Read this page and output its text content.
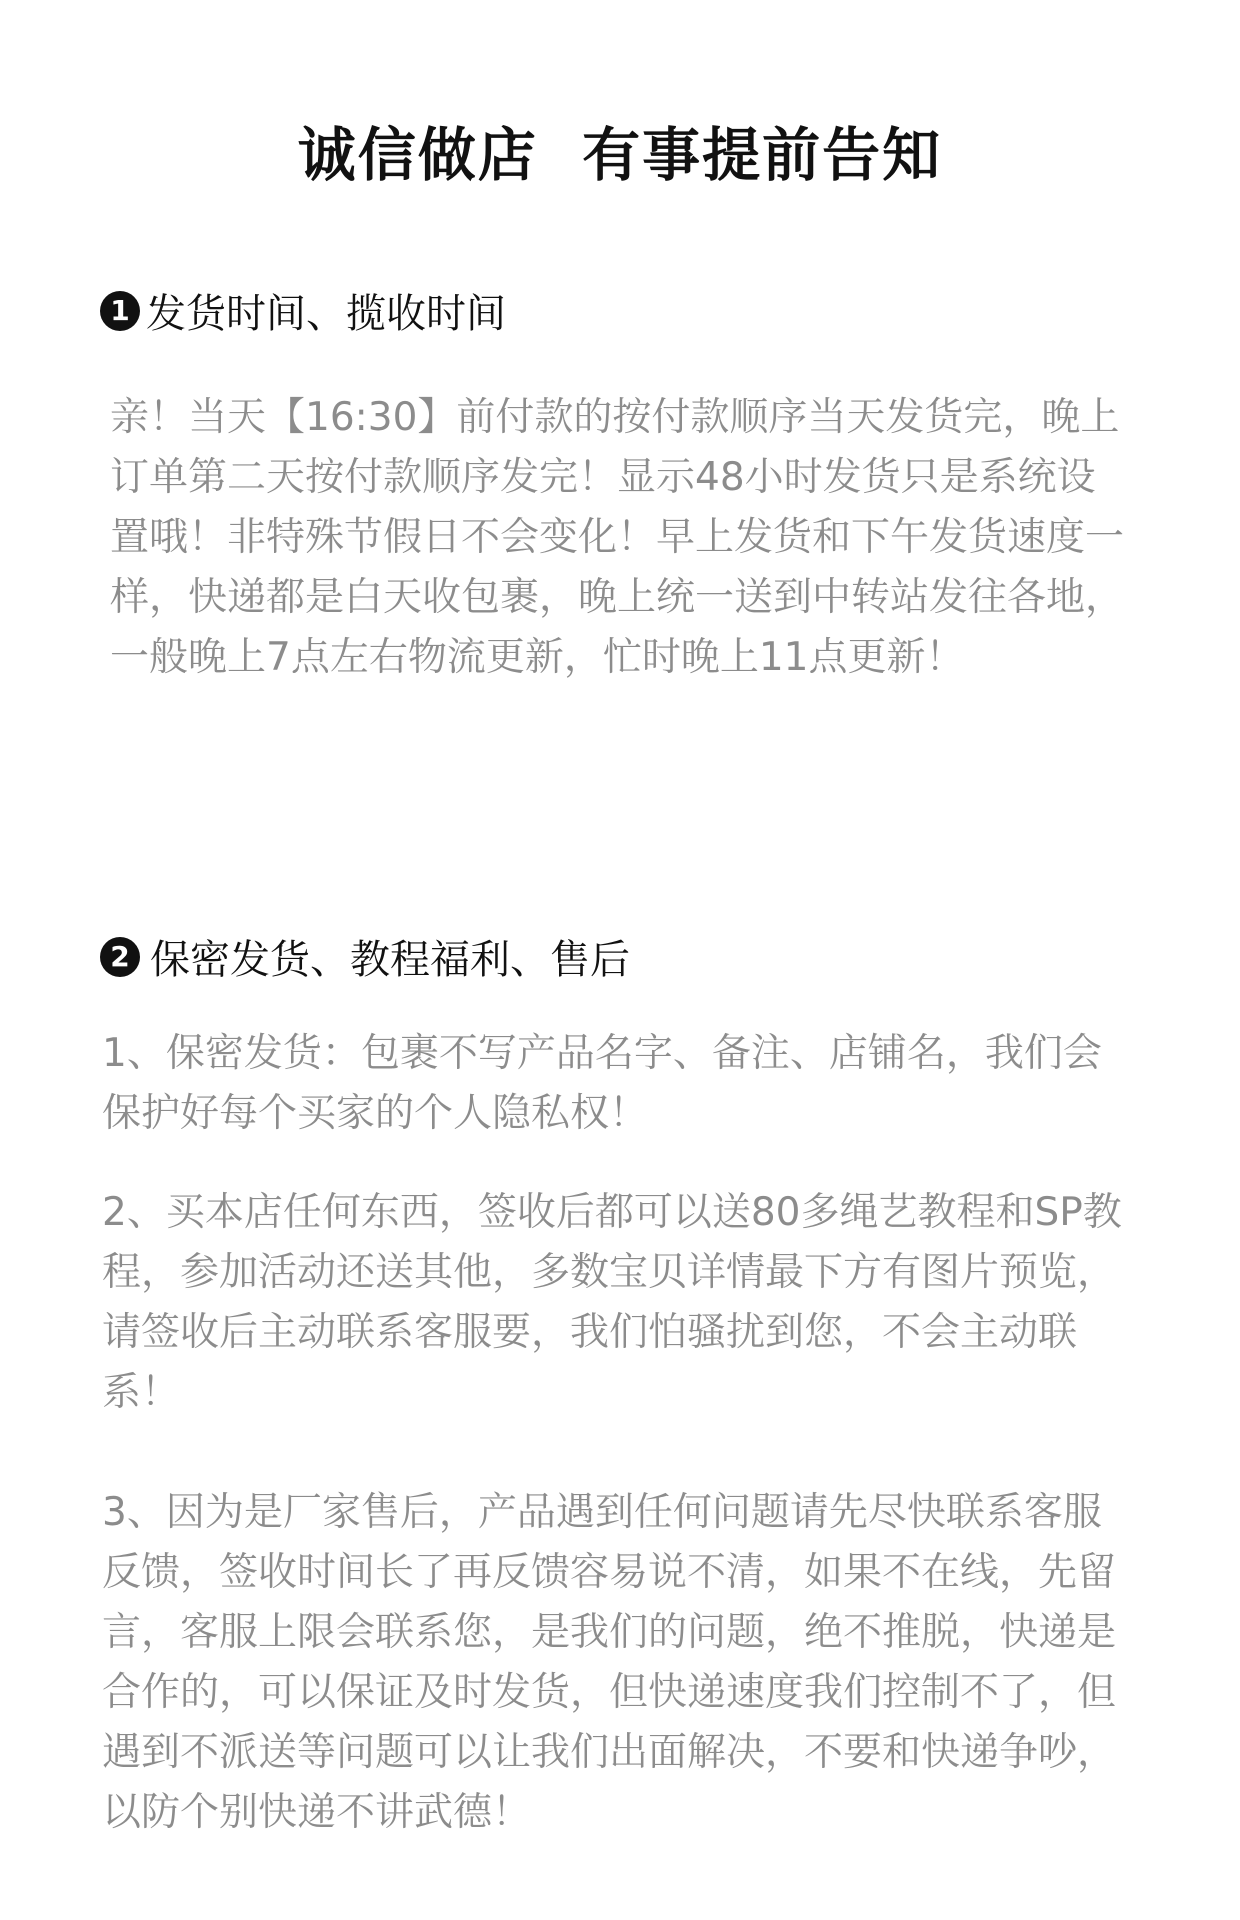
诚信做店  有事提前告知
1 发货时间、揽收时间

亲！当天【16:30】前付款的按付款顺序当天发货完，晚上订单第二天按付款顺序发完！显示48小时发货只是系统设置哦！非特殊节假日不会变化！早上发货和下午发货速度一样，快递都是白天收包裹，晚上统一送到中转站发往各地，一般晚上7点左右物流更新，忙时晚上11点更新！

2 保密发货、教程福利、售后

1、保密发货：包裹不写产品名字、备注、店铺名，我们会保护好每个买家的个人隐私权！

2、买本店任何东西，签收后都可以送80多绳艺教程和SP教程，参加活动还送其他，多数宝贝详情最下方有图片预览，请签收后主动联系客服要，我们怕骚扰到您，不会主动联系！

3、因为是厂家售后，产品遇到任何问题请先尽快联系客服反馈，签收时间长了再反馈容易说不清，如果不在线，先留言，客服上限会联系您，是我们的问题，绝不推脱，快递是合作的，可以保证及时发货，但快递速度我们控制不了，但遇到不派送等问题可以让我们出面解决，不要和快递争吵，以防个别快递不讲武德！
